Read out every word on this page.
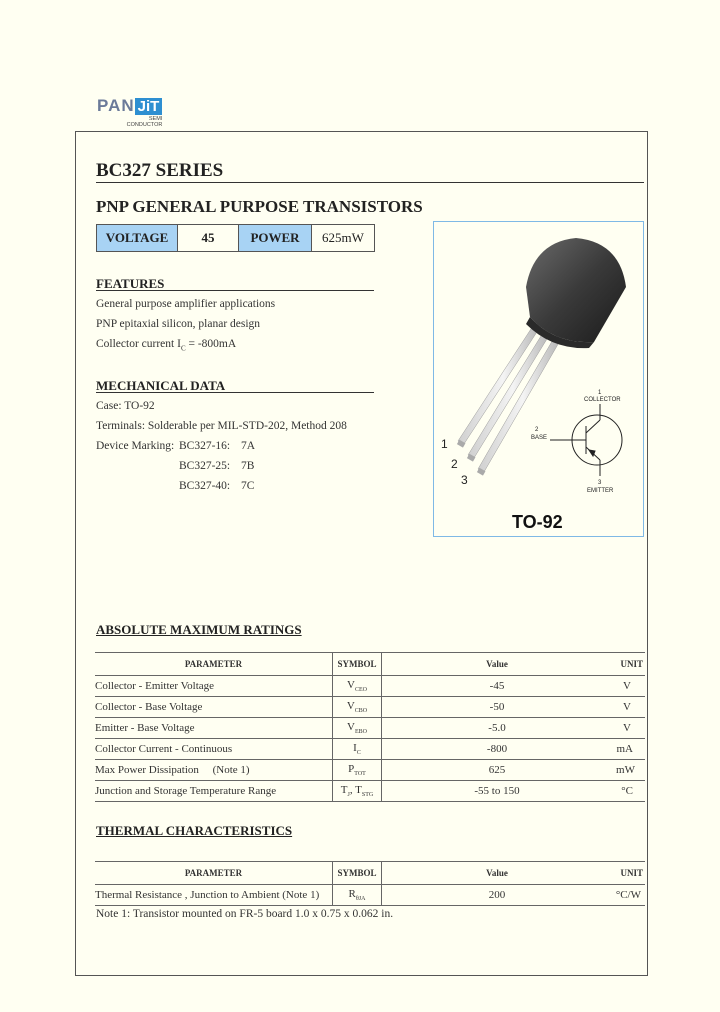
PAN JiT
SEMI
CONDUCTOR
BC327 SERIES
PNP GENERAL PURPOSE TRANSISTORS
VOLTAGE	45	POWER	625mW
FEATURES
General purpose amplifier applications
PNP epitaxial silicon, planar design
Collector current $I_C = -800mA$
MECHANICAL DATA
Case: TO-92
Terminals: Solderable per MIL-STD-202, Method 208
Device Marking: BC327-16: 7A
BC327-25: 7B
BC327-40: 7C
1
2
3
1
COLLECTOR
2
BASE
3
EMITTER
TO-92
ABSOLUTE MAXIMUM RATINGS
PARAMETER	SYMBOL	Value	UNIT
Collector - Emitter Voltage	$V_{CEO}$	-45	V
Collector - Base Voltage	$V_{CBO}$	-50	V
Emitter - Base Voltage	$V_{EBO}$	-5.0	V
Collector Current - Continuous	$I_C$	-800	mA
Max Power Dissipation     (Note 1)	$P_{TOT}$	625	mW
Junction and Storage Temperature Range	$T_J$, $T_{STG}$	-55 to 150	°C
THERMAL CHARACTERISTICS
PARAMETER	SYMBOL	Value	UNIT
Thermal Resistance , Junction to Ambient (Note 1)	$R_{\theta JA}$	200	°C/W
Note 1: Transistor mounted on FR-5 board 1.0 x 0.75 x 0.062 in.
